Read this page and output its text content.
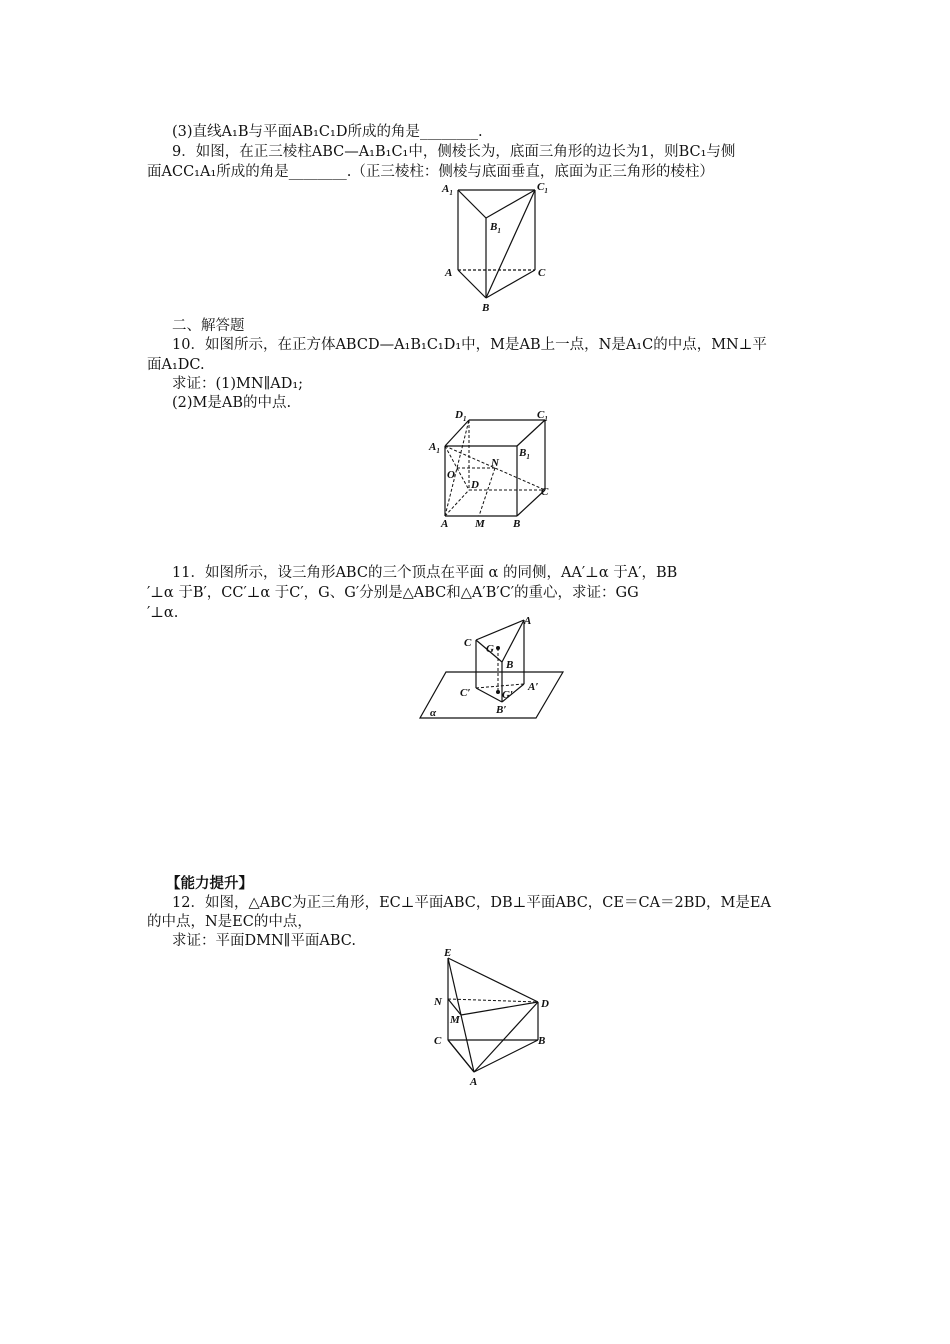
(3)直线A₁B与平面AB₁C₁D所成的角是________.
9．如图，在正三棱柱ABC—A₁B₁C₁中，侧棱长为，底面三角形的边长为1，则BC₁与侧
面ACC₁A₁所成的角是________.（正三棱柱：侧棱与底面垂直，底面为正三角形的棱柱）
$A_1$	$C_1$
$B_1$
A	C
B
二、解答题
10．如图所示，在正方体ABCD—A₁B₁C₁D₁中，M是AB上一点，N是A₁C的中点，MN⊥平
面A₁DC.
求证：(1)MN∥AD₁;
(2)M是AB的中点.
$D_1$	$C_1$
$A_1$	$B_1$
O
N
D
C
A M	B
11．如图所示，设三角形ABC的三个顶点在平面 α 的同侧，AA′⊥α 于A′，BB
′⊥α 于B′，CC′⊥α 于C′，G、G′分别是△ABC和△A′B′C′的重心，求证：GG
′⊥α.	A
C G
B
C′	G′
A′
B′
α
【能力提升】
12．如图，△ABC为正三角形，EC⊥平面ABC，DB⊥平面ABC，CE＝CA＝2BD，M是EA
的中点，N是EC的中点，
求证：平面DMN∥平面ABC.
E
N	D
M
C	B
A
